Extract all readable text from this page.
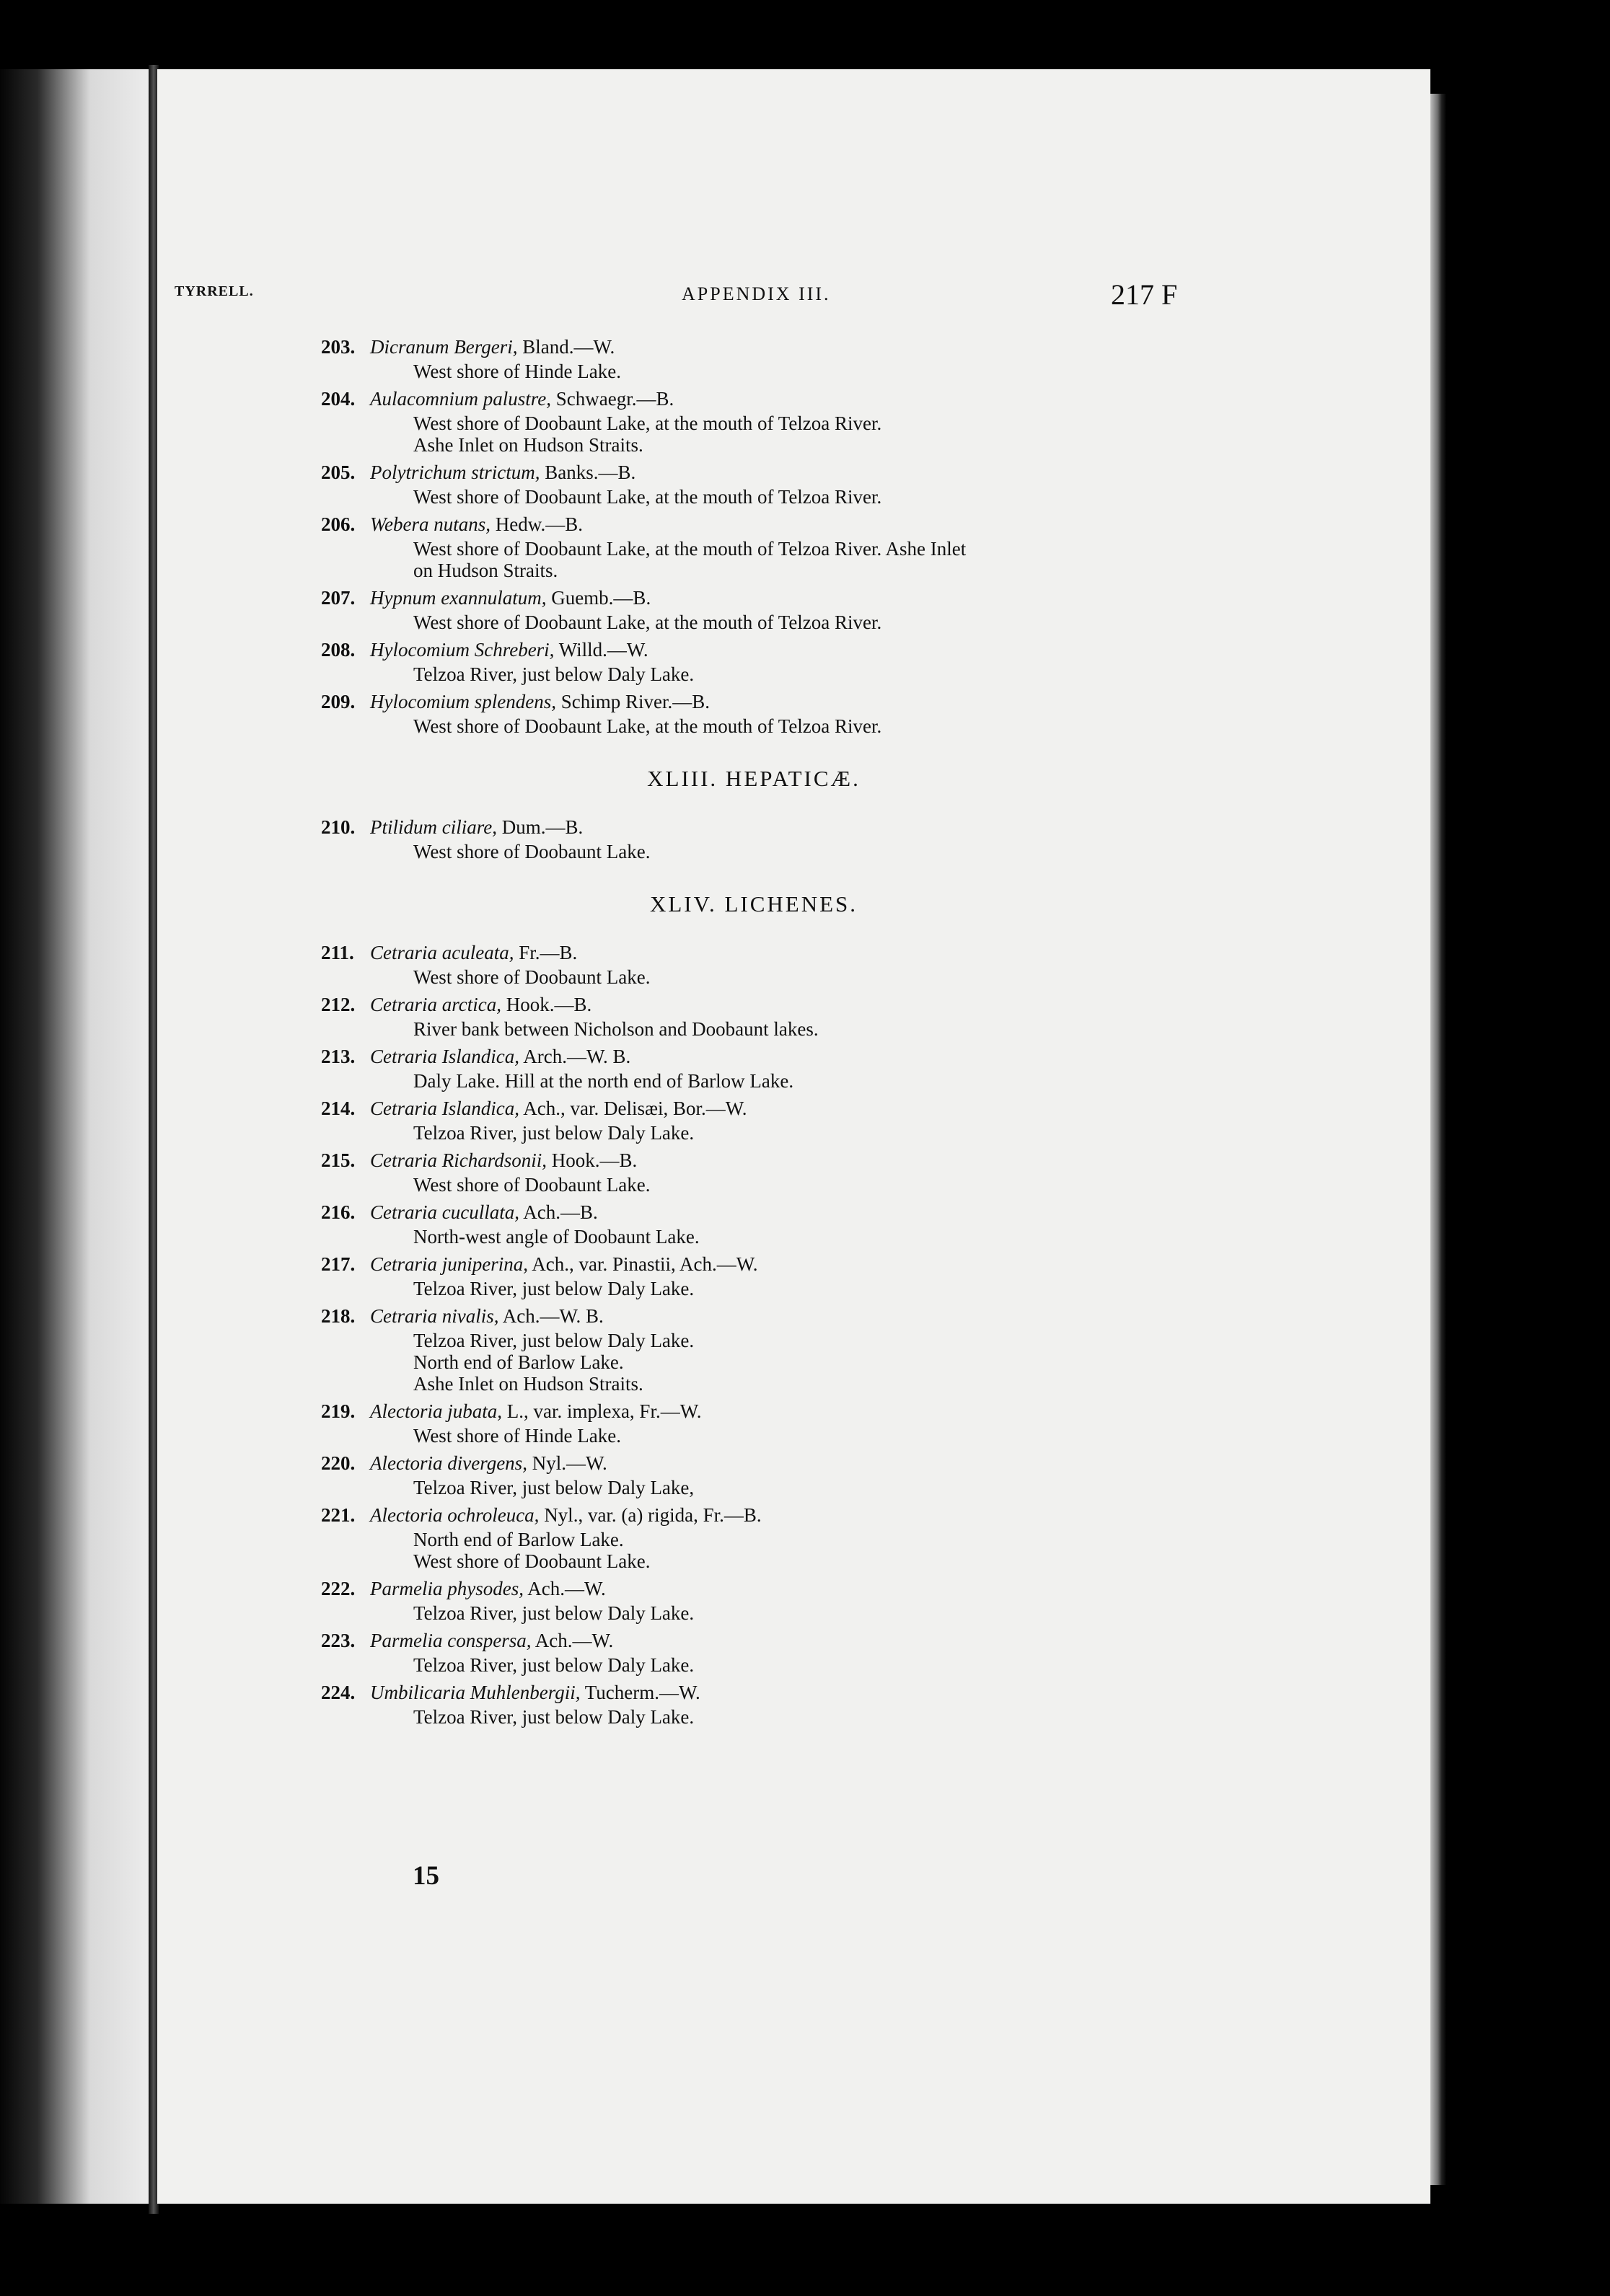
TYRRELL.	APPENDIX III.	217 F
203. Dicranum Bergeri, Bland.—W.
West shore of Hinde Lake.
204. Aulacomnium palustre, Schwaegr.—B.
West shore of Doobaunt Lake, at the mouth of Telzoa River.
Ashe Inlet on Hudson Straits.
205. Polytrichum strictum, Banks.—B.
West shore of Doobaunt Lake, at the mouth of Telzoa River.
206. Webera nutans, Hedw.—B.
West shore of Doobaunt Lake, at the mouth of Telzoa River. Ashe Inlet
on Hudson Straits.
207. Hypnum exannulatum, Guemb.—B.
West shore of Doobaunt Lake, at the mouth of Telzoa River.
208. Hylocomium Schreberi, Willd.—W.
Telzoa River, just below Daly Lake.
209. Hylocomium splendens, Schimp River.—B.
West shore of Doobaunt Lake, at the mouth of Telzoa River.
XLIII. HEPATICÆ.
210. Ptilidum ciliare, Dum.—B.
West shore of Doobaunt Lake.
XLIV. LICHENES.
211. Cetraria aculeata, Fr.—B.
West shore of Doobaunt Lake.
212. Cetraria arctica, Hook.—B.
River bank between Nicholson and Doobaunt lakes.
213. Cetraria Islandica, Arch.—W. B.
Daly Lake. Hill at the north end of Barlow Lake.
214. Cetraria Islandica, Ach., var. Delisæi, Bor.—W.
Telzoa River, just below Daly Lake.
215. Cetraria Richardsonii, Hook.—B.
West shore of Doobaunt Lake.
216. Cetraria cucullata, Ach.—B.
North-west angle of Doobaunt Lake.
217. Cetraria juniperina, Ach., var. Pinastii, Ach.—W.
Telzoa River, just below Daly Lake.
218. Cetraria nivalis, Ach.—W. B.
Telzoa River, just below Daly Lake.
North end of Barlow Lake.
Ashe Inlet on Hudson Straits.
219. Alectoria jubata, L., var. implexa, Fr.—W.
West shore of Hinde Lake.
220. Alectoria divergens, Nyl.—W.
Telzoa River, just below Daly Lake,
221. Alectoria ochroleuca, Nyl., var. (a) rigida, Fr.—B.
North end of Barlow Lake.
West shore of Doobaunt Lake.
222. Parmelia physodes, Ach.—W.
Telzoa River, just below Daly Lake.
223. Parmelia conspersa, Ach.—W.
Telzoa River, just below Daly Lake.
224. Umbilicaria Muhlenbergii, Tucherm.—W.
Telzoa River, just below Daly Lake.
15
